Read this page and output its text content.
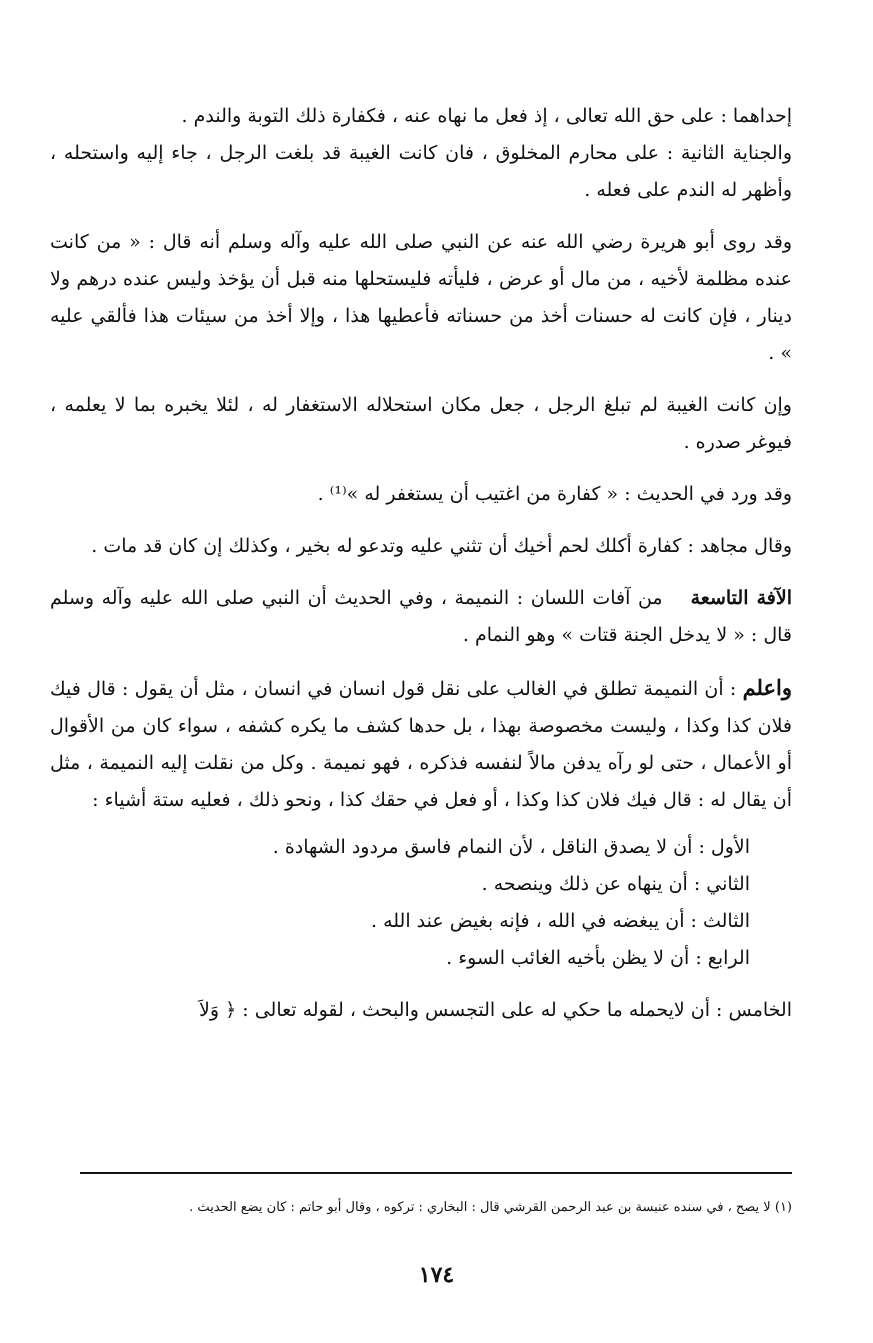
إحداهما : على حق الله تعالى ، إذ فعل ما نهاه عنه ، فكفارة ذلك التوبة والندم .

والجناية الثانية : على محارم المخلوق ، فان كانت الغيبة قد بلغت الرجل ، جاء إليه واستحله ، وأظهر له الندم على فعله .

وقد روى أبو هريرة رضي الله عنه عن النبي صلى الله عليه وآله وسلم أنه قال : « من كانت عنده مظلمة لأخيه ، من مال أو عرض ، فليأته فليستحلها منه قبل أن يؤخذ وليس عنده درهم ولا دينار ، فإن كانت له حسنات أخذ من حسناته فأعطيها هذا ، وإلا أخذ من سيئات هذا فألقي عليه » .

وإن كانت الغيبة لم تبلغ الرجل ، جعل مكان استحلاله الاستغفار له ، لئلا يخبره بما لا يعلمه ، فيوغر صدره .

وقد ورد في الحديث : « كفارة من اغتيب أن يستغفر له »⁽¹⁾ .

وقال مجاهد : كفارة أكلك لحم أخيك أن تثني عليه وتدعو له بخير ، وكذلك إن كان قد مات .

الآفة التاسعةمن آفات اللسان : النميمة ، وفي الحديث أن النبي صلى الله عليه وآله وسلم قال : « لا يدخل الجنة قتات » وهو النمام .

واعلم : أن النميمة تطلق في الغالب على نقل قول انسان في انسان ، مثل أن يقول : قال فيك فلان كذا وكذا ، وليست مخصوصة بهذا ، بل حدها كشف ما يكره كشفه ، سواء كان من الأقوال أو الأعمال ، حتى لو رآه يدفن مالاً لنفسه فذكره ، فهو نميمة . وكل من نقلت إليه النميمة ، مثل أن يقال له : قال فيك فلان كذا وكذا ، أو فعل في حقك كذا ، ونحو ذلك ، فعليه ستة أشياء :

الأول : أن لا يصدق الناقل ، لأن النمام فاسق مردود الشهادة .
الثاني : أن ينهاه عن ذلك وينصحه .
الثالث : أن يبغضه في الله ، فإنه بغيض عند الله .
الرابع : أن لا يظن بأخيه الغائب السوء .

الخامس : أن لايحمله ما حكي له على التجسس والبحث ، لقوله تعالى : ﴿ وَلاَ

(١) لا يصح ، في سنده عنبسة بن عبد الرحمن القرشي قال : البخاري : تركوه ، وقال أبو حاتم : كان يضع الحديث .

١٧٤
